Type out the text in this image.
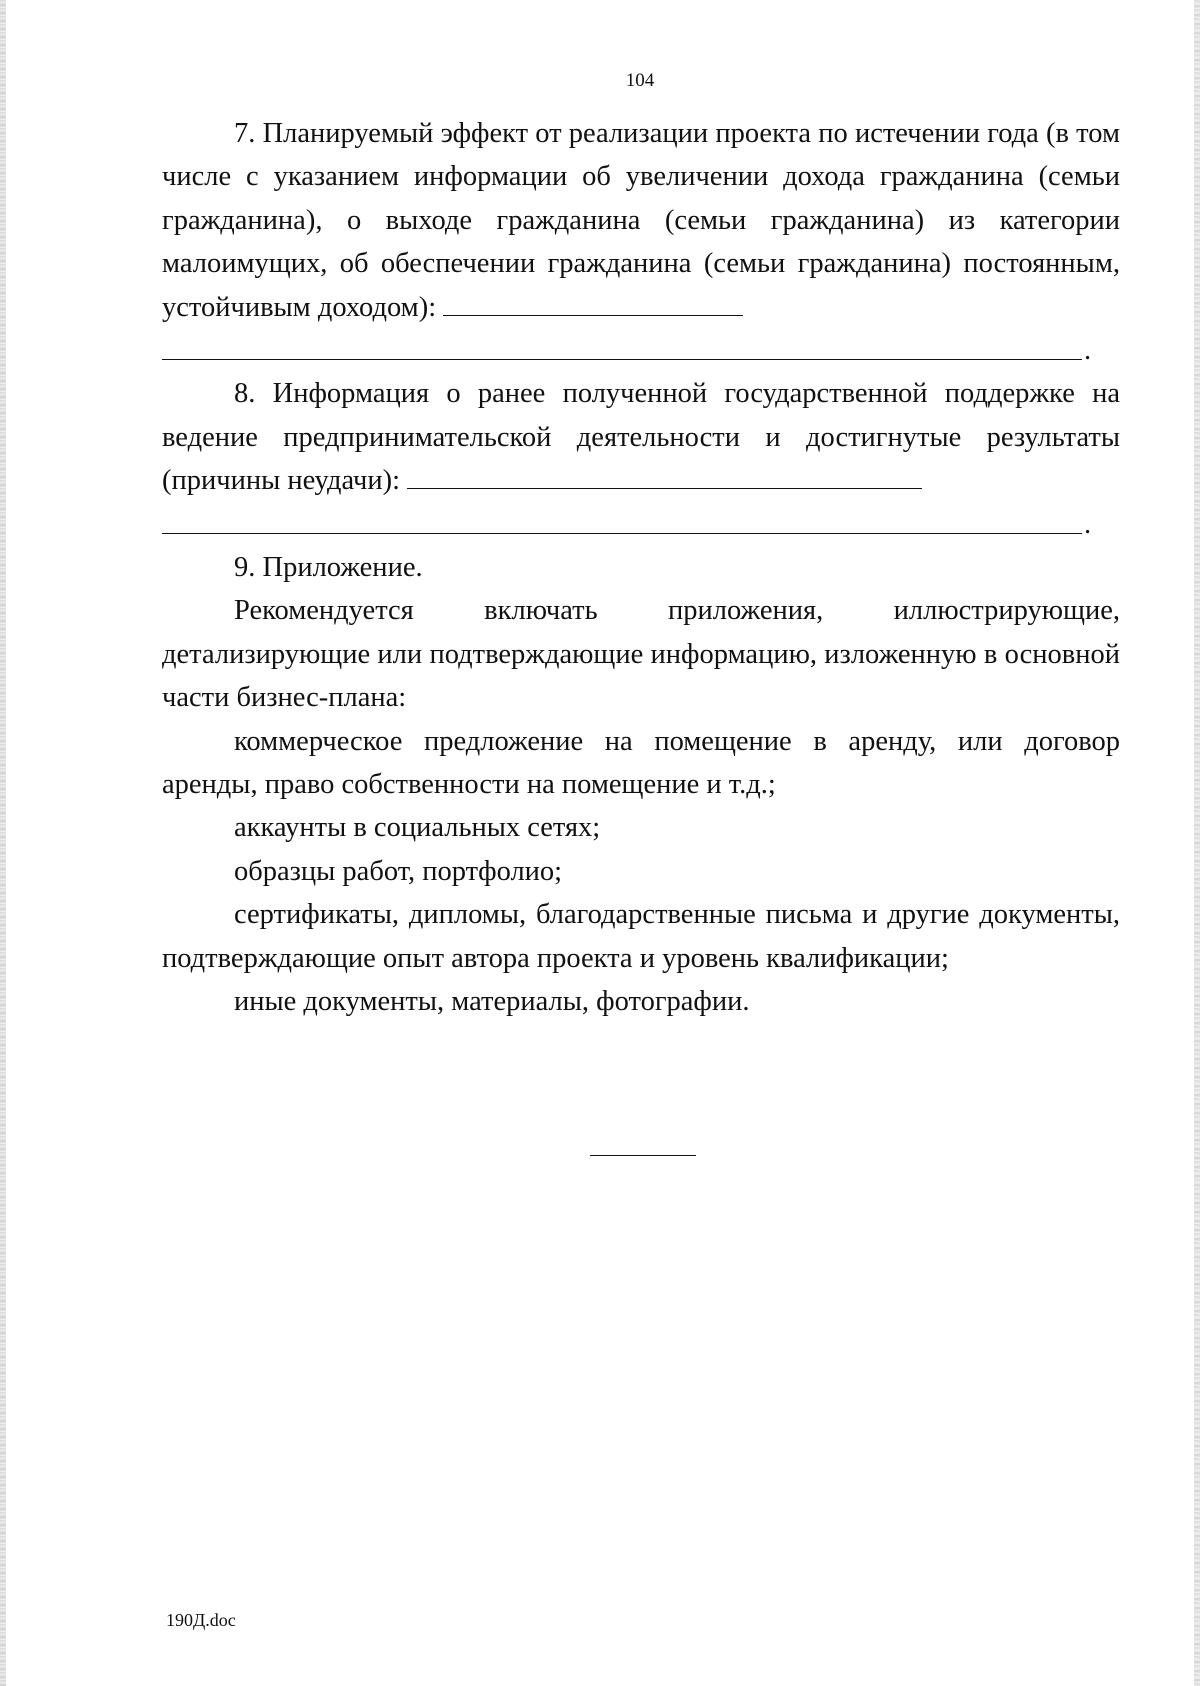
104

7. Планируемый эффект от реализации проекта по истечении года (в том числе с указанием информации об увеличении дохода гражданина (семьи гражданина), о выходе гражданина (семьи гражданина) из категории малоимущих, об обеспечении гражданина (семьи гражданина) постоянным, устойчивым доходом):

.

8. Информация о ранее полученной государственной поддержке на ведение предпринимательской деятельности и достигнутые результаты (причины неудачи):

.

9. Приложение.

Рекомендуется включать приложения, иллюстрирующие, детализирующие или подтверждающие информацию, изложенную в основной части бизнес-плана:

коммерческое предложение на помещение в аренду, или договор аренды, право собственности на помещение и т.д.;

аккаунты в социальных сетях;

образцы работ, портфолио;

сертификаты, дипломы, благодарственные письма и другие документы, подтверждающие опыт автора проекта и уровень квалификации;

иные документы, материалы, фотографии.

190Д.doc
